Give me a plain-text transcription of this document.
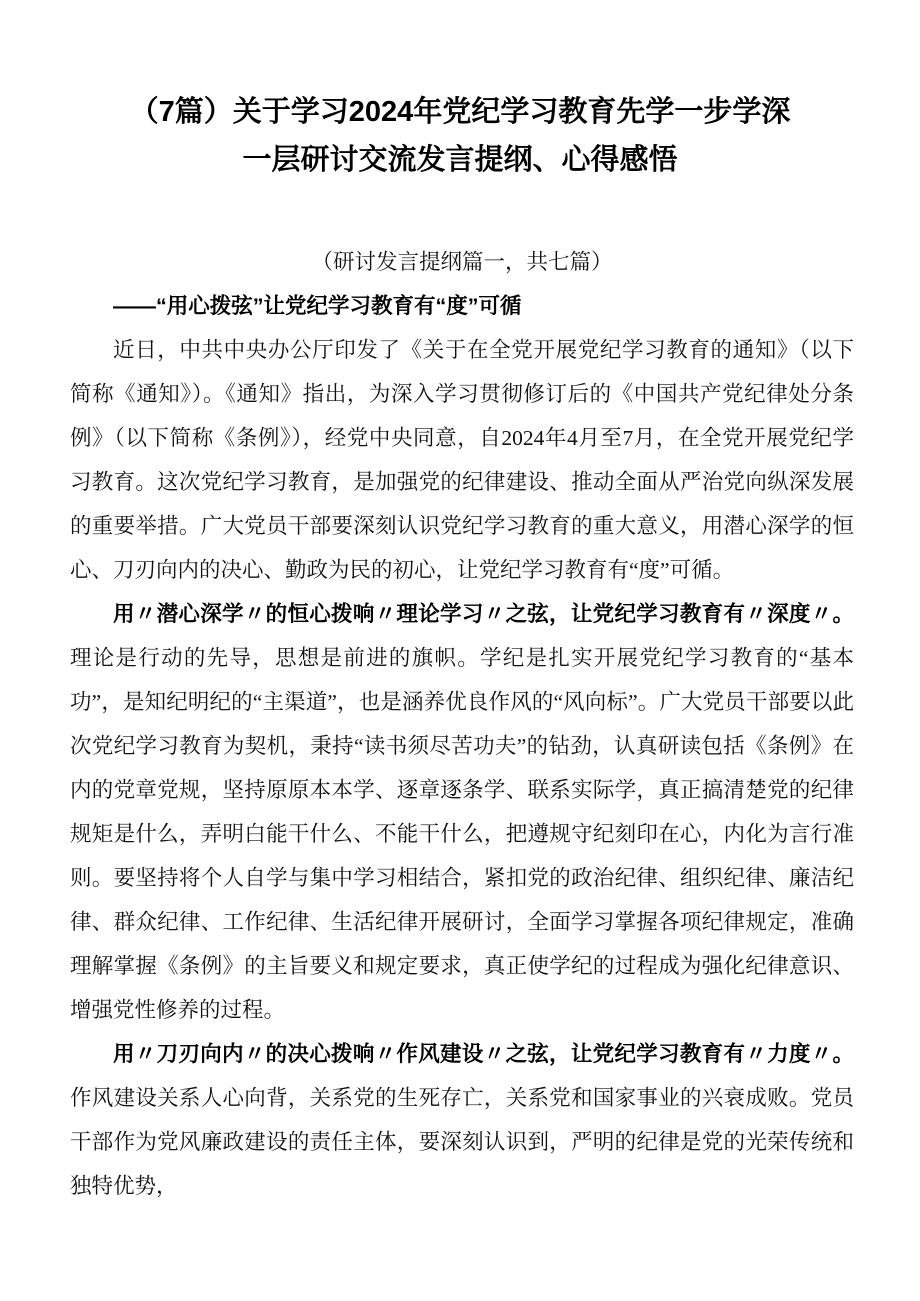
（7篇）关于学习2024年党纪学习教育先学一步学深
一层研讨交流发言提纲、心得感悟

（研讨发言提纲篇一，共七篇）

——“用心拨弦”让党纪学习教育有“度”可循

近日，中共中央办公厅印发了《关于在全党开展党纪学习教育的通知》（以下简称《通知》）。《通知》指出，为深入学习贯彻修订后的《中国共产党纪律处分条例》（以下简称《条例》），经党中央同意，自2024年4月至7月，在全党开展党纪学习教育。这次党纪学习教育，是加强党的纪律建设、推动全面从严治党向纵深发展的重要举措。广大党员干部要深刻认识党纪学习教育的重大意义，用潜心深学的恒心、刀刃向内的决心、勤政为民的初心，让党纪学习教育有“度”可循。

用〃潜心深学〃的恒心拨响〃理论学习〃之弦，让党纪学习教育有〃深度〃。理论是行动的先导，思想是前进的旗帜。学纪是扎实开展党纪学习教育的“基本功”，是知纪明纪的“主渠道”，也是涵养优良作风的“风向标”。广大党员干部要以此次党纪学习教育为契机，秉持“读书须尽苦功夫”的钻劲，认真研读包括《条例》在内的党章党规，坚持原原本本学、逐章逐条学、联系实际学，真正搞清楚党的纪律规矩是什么，弄明白能干什么、不能干什么，把遵规守纪刻印在心，内化为言行准则。要坚持将个人自学与集中学习相结合，紧扣党的政治纪律、组织纪律、廉洁纪律、群众纪律、工作纪律、生活纪律开展研讨，全面学习掌握各项纪律规定，准确理解掌握《条例》的主旨要义和规定要求，真正使学纪的过程成为强化纪律意识、增强党性修养的过程。

用〃刀刃向内〃的决心拨响〃作风建设〃之弦，让党纪学习教育有〃力度〃。作风建设关系人心向背，关系党的生死存亡，关系党和国家事业的兴衰成败。党员干部作为党风廉政建设的责任主体，要深刻认识到，严明的纪律是党的光荣传统和独特优势，
